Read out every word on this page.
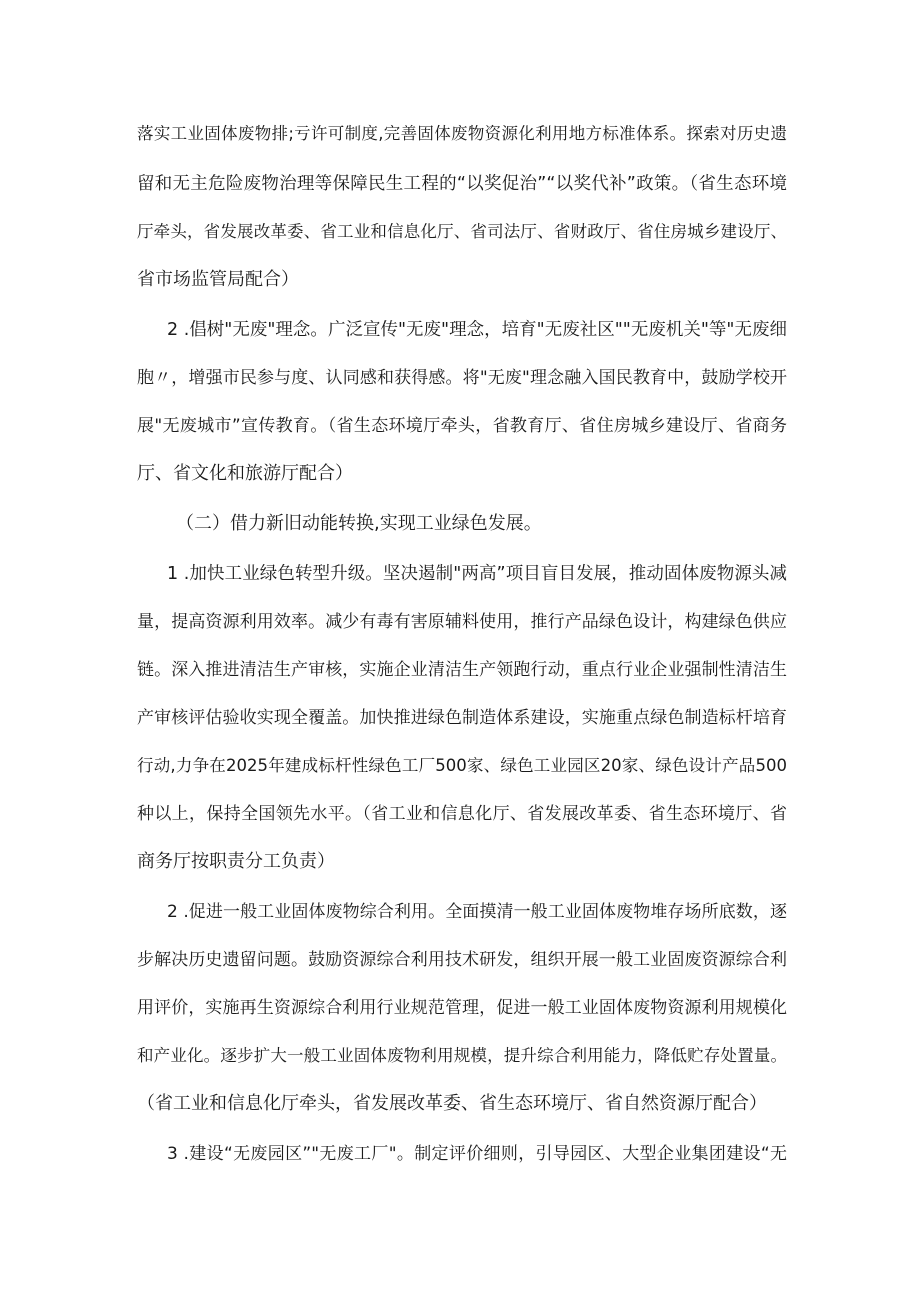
落实工业固体废物排;亏许可制度,完善固体废物资源化利用地方标准体系。探索对历史遗
留和无主危险废物治理等保障民生工程的“以奖促治”“以奖代补”政策。（省生态环境
厅牵头，省发展改革委、省工业和信息化厅、省司法厅、省财政厅、省住房城乡建设厅、
省市场监管局配合）
2 .倡树"无废"理念。广泛宣传"无废"理念，培育"无废社区""无废机关"等"无废细
胞〃，增强市民参与度、认同感和获得感。将"无废"理念融入国民教育中，鼓励学校开
展"无废城市”宣传教育。（省生态环境厅牵头，省教育厅、省住房城乡建设厅、省商务
厅、省文化和旅游厅配合）
（二）借力新旧动能转换,实现工业绿色发展。
1 .加快工业绿色转型升级。坚决遏制"两高”项目盲目发展，推动固体废物源头减
量，提高资源利用效率。减少有毒有害原辅料使用，推行产品绿色设计，构建绿色供应
链。深入推进清洁生产审核，实施企业清洁生产领跑行动，重点行业企业强制性清洁生
产审核评估验收实现全覆盖。加快推进绿色制造体系建设，实施重点绿色制造标杆培育
行动,力争在2025年建成标杆性绿色工厂500家、绿色工业园区20家、绿色设计产品500
种以上，保持全国领先水平。（省工业和信息化厅、省发展改革委、省生态环境厅、省
商务厅按职责分工负责）
2 .促进一般工业固体废物综合利用。全面摸清一般工业固体废物堆存场所底数，逐
步解决历史遗留问题。鼓励资源综合利用技术研发，组织开展一般工业固废资源综合利
用评价，实施再生资源综合利用行业规范管理，促进一般工业固体废物资源利用规模化
和产业化。逐步扩大一般工业固体废物利用规模，提升综合利用能力，降低贮存处置量。
（省工业和信息化厅牵头，省发展改革委、省生态环境厅、省自然资源厅配合）
3 .建设“无废园区”"无废工厂"。制定评价细则，引导园区、大型企业集团建设“无
